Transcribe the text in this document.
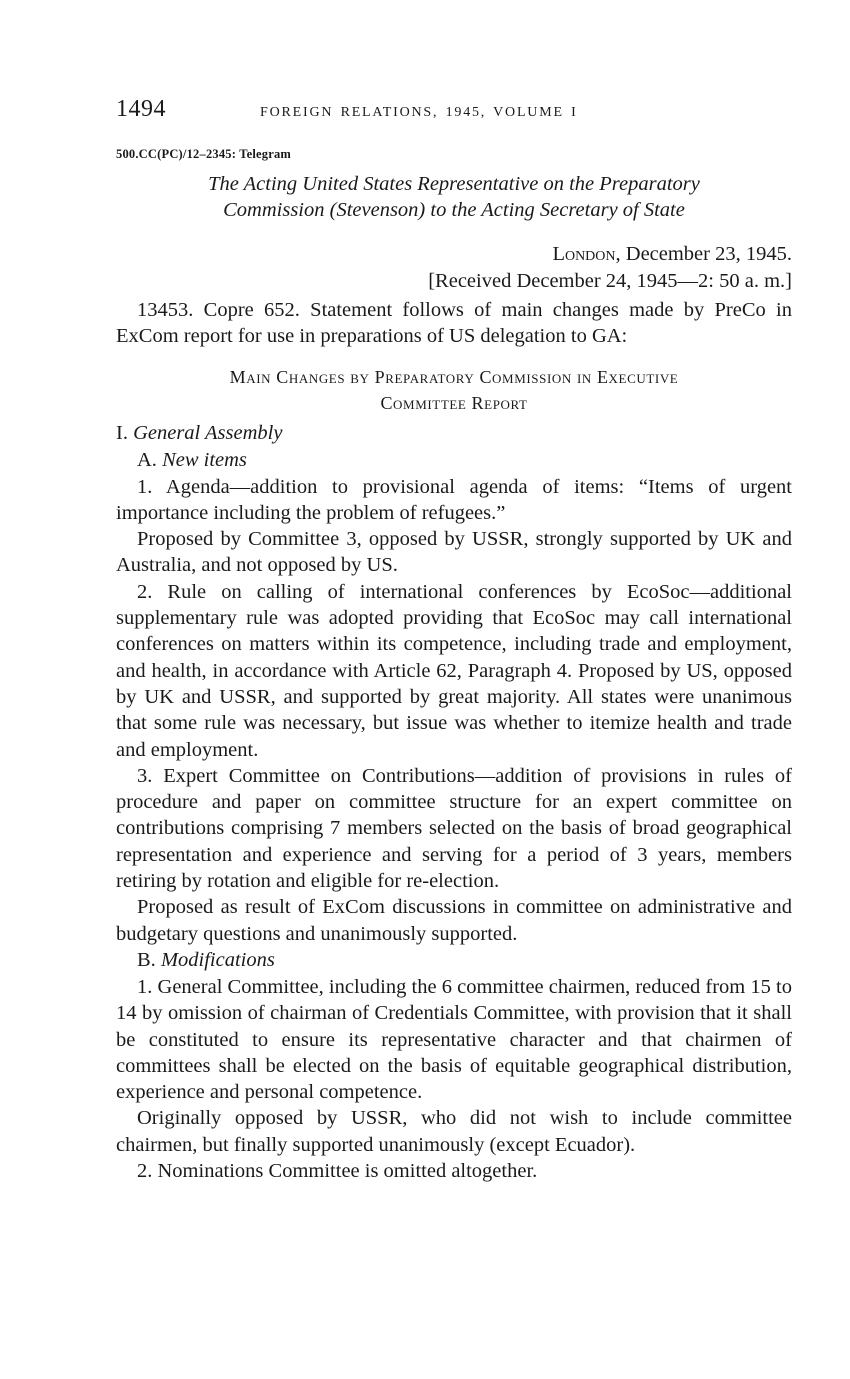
1494	FOREIGN RELATIONS, 1945, VOLUME I
500.CC(PC)/12–2345: Telegram
The Acting United States Representative on the Preparatory
Commission (Stevenson) to the Acting Secretary of State
London, December 23, 1945.
[Received December 24, 1945—2: 50 a. m.]

13453. Copre 652. Statement follows of main changes made by PreCo in ExCom report for use in preparations of US delegation to GA:

Main Changes by Preparatory Commission in Executive
Committee Report
I. General Assembly
A. New items

1. Agenda—addition to provisional agenda of items: “Items of urgent importance including the problem of refugees.”

Proposed by Committee 3, opposed by USSR, strongly supported by UK and Australia, and not opposed by US.

2. Rule on calling of international conferences by EcoSoc—additional supplementary rule was adopted providing that EcoSoc may call international conferences on matters within its competence, including trade and employment, and health, in accordance with Article 62, Paragraph 4. Proposed by US, opposed by UK and USSR, and supported by great majority. All states were unanimous that some rule was necessary, but issue was whether to itemize health and trade and employment.

3. Expert Committee on Contributions—addition of provisions in rules of procedure and paper on committee structure for an expert committee on contributions comprising 7 members selected on the basis of broad geographical representation and experience and serving for a period of 3 years, members retiring by rotation and eligible for re-election.

Proposed as result of ExCom discussions in committee on administrative and budgetary questions and unanimously supported.

B. Modifications

1. General Committee, including the 6 committee chairmen, reduced from 15 to 14 by omission of chairman of Credentials Committee, with provision that it shall be constituted to ensure its representative character and that chairmen of committees shall be elected on the basis of equitable geographical distribution, experience and personal competence.

Originally opposed by USSR, who did not wish to include committee chairmen, but finally supported unanimously (except Ecuador).

2. Nominations Committee is omitted altogether.
